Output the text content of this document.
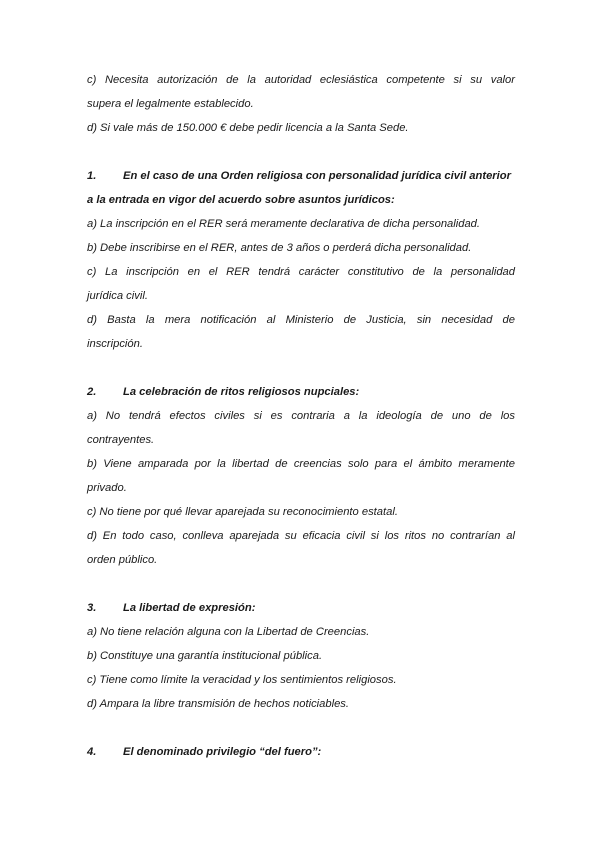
c) Necesita autorización de la autoridad eclesiástica competente si su valor
supera el legalmente establecido.
d) Si vale más de 150.000 € debe pedir licencia a la Santa Sede.
1. En el caso de una Orden religiosa con personalidad jurídica civil anterior
a la entrada en vigor del acuerdo sobre asuntos jurídicos:
a) La inscripción en el RER será meramente declarativa de dicha personalidad.
b) Debe inscribirse en el RER, antes de 3 años o perderá dicha personalidad.
c) La inscripción en el RER tendrá carácter constitutivo de la personalidad
jurídica civil.
d) Basta la mera notificación al Ministerio de Justicia, sin necesidad de
inscripción.
2. La celebración de ritos religiosos nupciales:
a) No tendrá efectos civiles si es contraria a la ideología de uno de los
contrayentes.
b) Viene amparada por la libertad de creencias solo para el ámbito meramente
privado.
c) No tiene por qué llevar aparejada su reconocimiento estatal.
d) En todo caso, conlleva aparejada su eficacia civil si los ritos no contrarían al
orden público.
3. La libertad de expresión:
a) No tiene relación alguna con la Libertad de Creencias.
b) Constituye una garantía institucional pública.
c) Tiene como límite la veracidad y los sentimientos religiosos.
d) Ampara la libre transmisión de hechos noticiables.
4. El denominado privilegio “del fuero”:
